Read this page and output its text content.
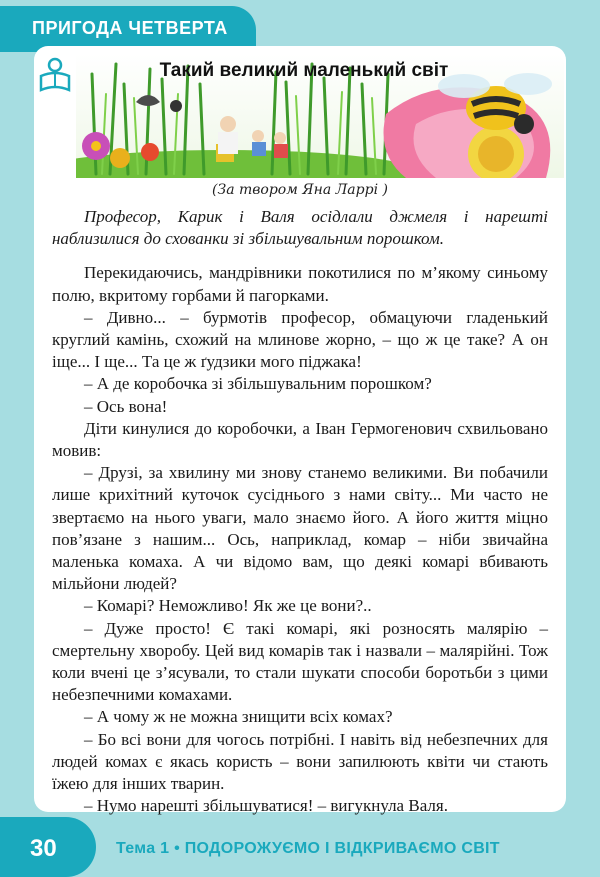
ПРИГОДА ЧЕТВЕРТА
Такий великий маленький світ
(За твором Яна Ларрі )

Професор, Карик і Валя осідлали джмеля і нарешті наблизилися до схованки зі збільшувальним порошком.

Перекидаючись, мандрівники покотилися по м’якому синьому полю, вкритому горбами й пагорками.

– Дивно... – бурмотів професор, обмацуючи гладенький круглий камінь, схожий на млинове жорно, – що ж це таке? А он іще... І ще... Та це ж ґудзики мого піджака!

– А де коробочка зі збільшувальним порошком?

– Ось вона!

Діти кинулися до коробочки, а Іван Гермогенович схвильовано мовив:

– Друзі, за хвилину ми знову станемо великими. Ви побачили лише крихітний куточок сусіднього з нами світу... Ми часто не звертаємо на нього уваги, мало знаємо його. А його життя міцно пов’язане з нашим... Ось, наприклад, комар – ніби звичайна маленька комаха. А чи відомо вам, що деякі комарі вбивають мільйони людей?

– Комарі? Неможливо! Як же це вони?..

– Дуже просто! Є такі комарі, які розносять малярію – смертельну хворобу. Цей вид комарів так і назвали – малярійні. Тож коли вчені це з’ясували, то стали шукати способи боротьби з цими небезпечними комахами.

– А чому ж не можна знищити всіх комах?

– Бо всі вони для чогось потрібні. І навіть від небезпечних для людей комах є якась користь – вони запилюють квіти чи стають їжею для інших тварин.

– Нумо нарешті збільшуватися! – вигукнула Валя.

30	Тема 1 • ПОДОРОЖУЄМО І ВІДКРИВАЄМО СВІТ
